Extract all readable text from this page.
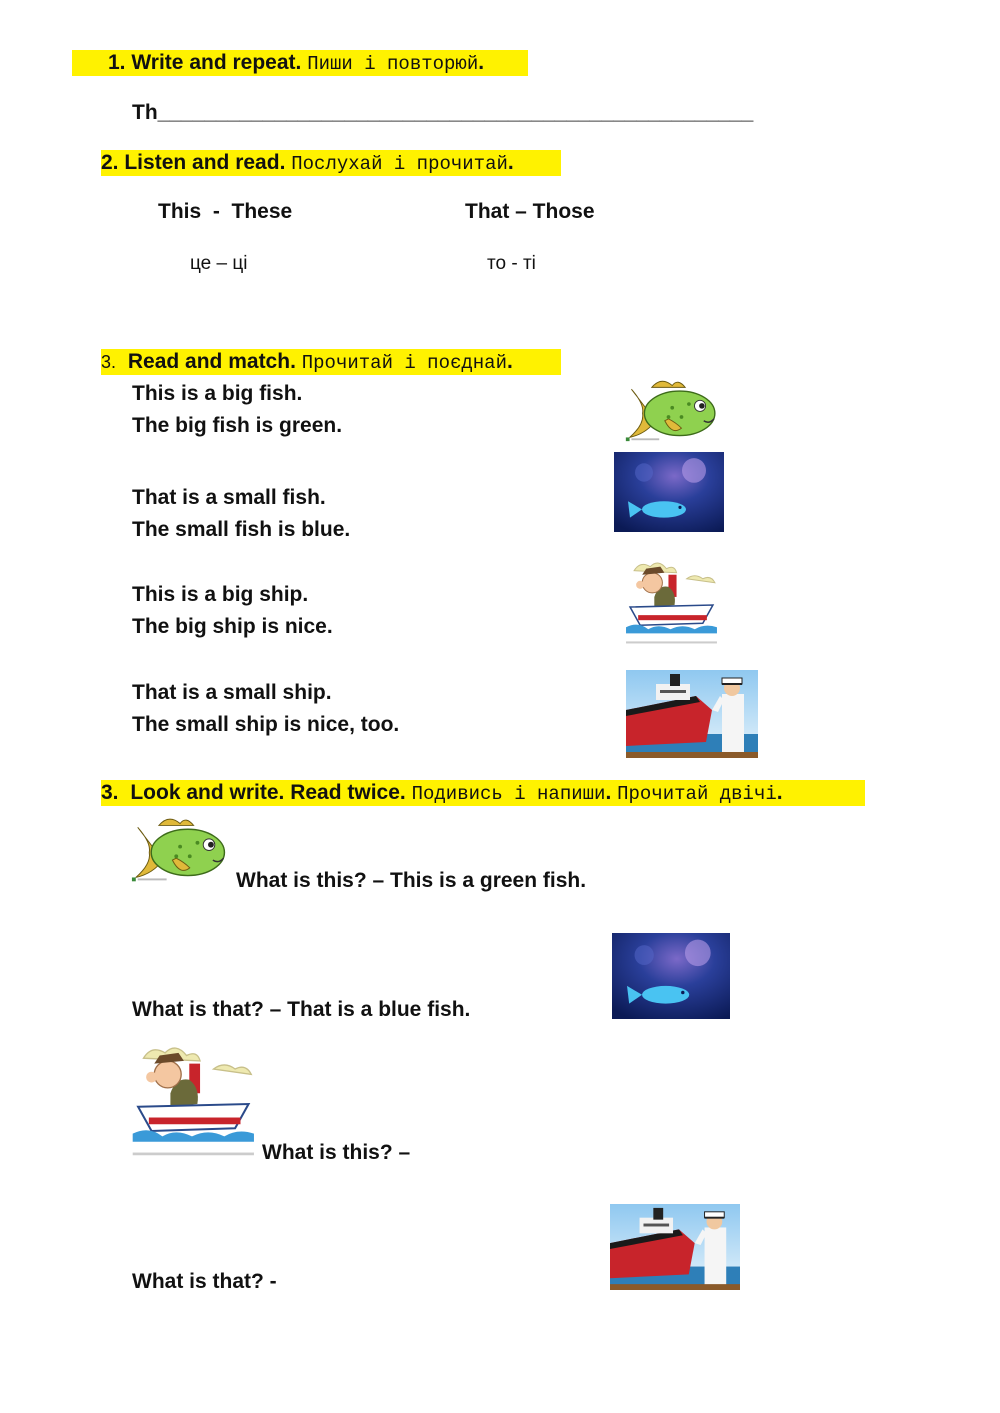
1. Write and repeat. Пиши і повторюй.
Th___________________________________________________
2. Listen and read. Послухай і прочитай.
This  -  These	That – Those
це – ці	то - ті
3. Read and match. Прочитай і поєднай.
This is a big fish.
The big fish is green.
That is a small fish.
The small fish is blue.
This is a big ship.
The big ship is nice.
That is a small ship.
The small ship is nice, too.
3. Look and write. Read twice. Подивись і напиши. Прочитай двічі.
What is this? – This is a green fish.
What is that? – That is a blue fish.
What is this? –
What is that? -
